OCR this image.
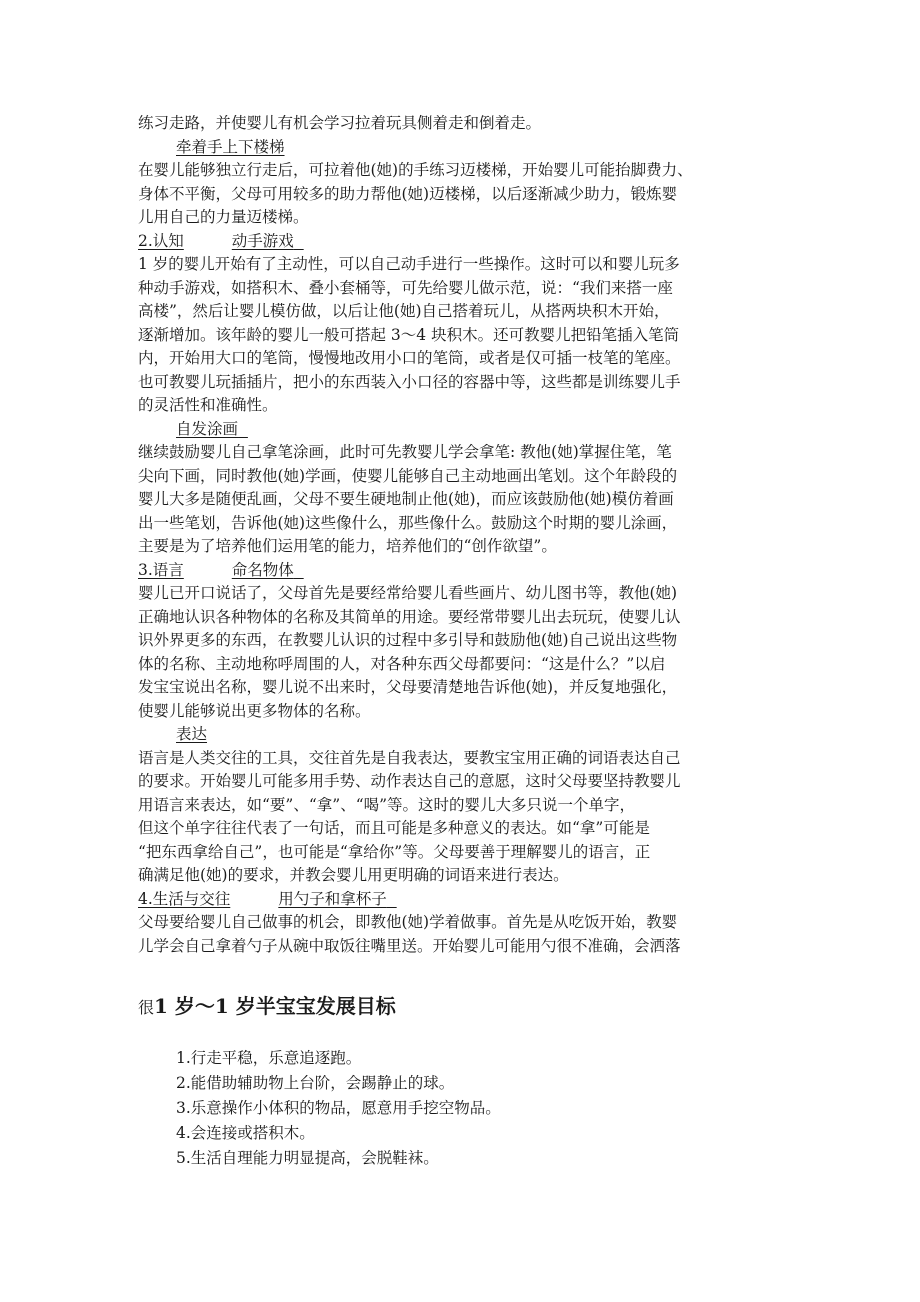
练习走路，并使婴儿有机会学习拉着玩具侧着走和倒着走。
牵着手上下楼梯
在婴儿能够独立行走后，可拉着他(她)的手练习迈楼梯，开始婴儿可能抬脚费力、
身体不平衡，父母可用较多的助力帮他(她)迈楼梯，以后逐渐减少助力，锻炼婴
儿用自己的力量迈楼梯。
2.认知	动手游戏
1 岁的婴儿开始有了主动性，可以自己动手进行一些操作。这时可以和婴儿玩多
种动手游戏，如搭积木、叠小套桶等，可先给婴儿做示范，说：“我们来搭一座
高楼”，然后让婴儿模仿做，以后让他(她)自己搭着玩儿，从搭两块积木开始，
逐渐增加。该年龄的婴儿一般可搭起 3～4 块积木。还可教婴儿把铅笔插入笔筒
内，开始用大口的笔筒，慢慢地改用小口的笔筒，或者是仅可插一枝笔的笔座。
也可教婴儿玩插插片，把小的东西装入小口径的容器中等，这些都是训练婴儿手
的灵活性和准确性。
自发涂画
继续鼓励婴儿自己拿笔涂画，此时可先教婴儿学会拿笔: 教他(她)掌握住笔，笔
尖向下画，同时教他(她)学画，使婴儿能够自己主动地画出笔划。这个年龄段的
婴儿大多是随便乱画，父母不要生硬地制止他(她)，而应该鼓励他(她)模仿着画
出一些笔划，告诉他(她)这些像什么，那些像什么。鼓励这个时期的婴儿涂画，
主要是为了培养他们运用笔的能力，培养他们的“创作欲望”。
3.语言	命名物体
婴儿已开口说话了，父母首先是要经常给婴儿看些画片、幼儿图书等，教他(她)
正确地认识各种物体的名称及其简单的用途。要经常带婴儿出去玩玩，使婴儿认
识外界更多的东西，在教婴儿认识的过程中多引导和鼓励他(她)自己说出这些物
体的名称、主动地称呼周围的人，对各种东西父母都要问：“这是什么？”以启
发宝宝说出名称，婴儿说不出来时，父母要清楚地告诉他(她)，并反复地强化，
使婴儿能够说出更多物体的名称。
表达
语言是人类交往的工具，交往首先是自我表达，要教宝宝用正确的词语表达自己
的要求。开始婴儿可能多用手势、动作表达自己的意愿，这时父母要坚持教婴儿
用语言来表达，如“要”、“拿”、“喝”等。这时的婴儿大多只说一个单字，
但这个单字往往代表了一句话，而且可能是多种意义的表达。如“拿”可能是
“把东西拿给自己”，也可能是“拿给你”等。父母要善于理解婴儿的语言，正
确满足他(她)的要求，并教会婴儿用更明确的词语来进行表达。
4.生活与交往	用勺子和拿杯子
父母要给婴儿自己做事的机会，即教他(她)学着做事。首先是从吃饭开始，教婴
儿学会自己拿着勺子从碗中取饭往嘴里送。开始婴儿可能用勺很不准确，会洒落
很1 岁～1 岁半宝宝发展目标
1.行走平稳，乐意追逐跑。
2.能借助辅助物上台阶，会踢静止的球。
3.乐意操作小体积的物品，愿意用手挖空物品。
4.会连接或搭积木。
5.生活自理能力明显提高，会脱鞋袜。
